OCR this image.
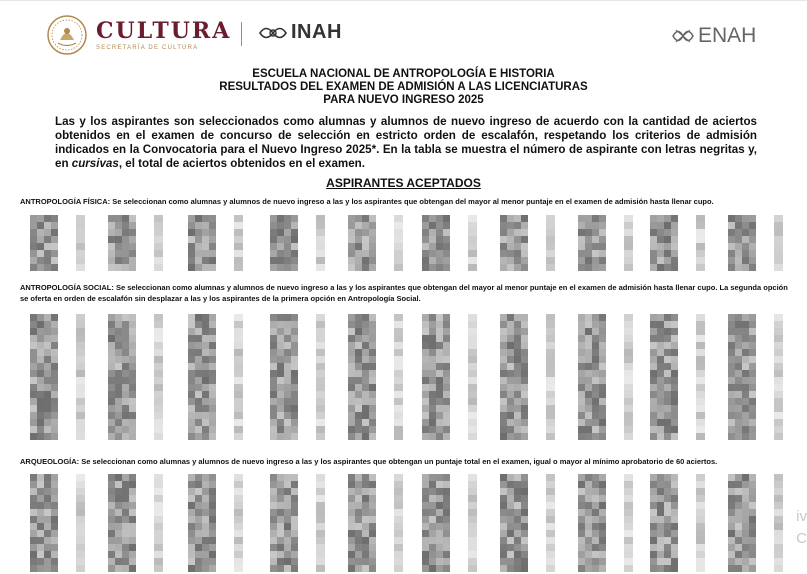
CULTURA
SECRETARÍA DE CULTURA
INAH	ENAH
ESCUELA NACIONAL DE ANTROPOLOGÍA E HISTORIA
RESULTADOS DEL EXAMEN DE ADMISIÓN A LAS LICENCIATURAS
PARA NUEVO INGRESO 2025
Las y los aspirantes son seleccionados como alumnas y alumnos de nuevo ingreso de acuerdo con la cantidad de aciertos obtenidos en el examen de concurso de selección en estricto orden de escalafón, respetando los criterios de admisión indicados en la Convocatoria para el Nuevo Ingreso 2025*. En la tabla se muestra el número de aspirante con letras negritas y, en cursivas, el total de aciertos obtenidos en el examen.
ASPIRANTES ACEPTADOS
ANTROPOLOGÍA FÍSICA: Se seleccionan como alumnas y alumnos de nuevo ingreso a las y los aspirantes que obtengan del mayor al menor puntaje en el examen de admisión hasta llenar cupo.
ANTROPOLOGÍA SOCIAL: Se seleccionan como alumnas y alumnos de nuevo ingreso a las y los aspirantes que obtengan del mayor al menor puntaje en el examen de admisión hasta llenar cupo. La segunda opción se oferta en orden de escalafón sin desplazar a las y los aspirantes de la primera opción en Antropología Social.
ARQUEOLOGÍA: Se seleccionan como alumnas y alumnos de nuevo ingreso a las y los aspirantes que obtengan un puntaje total en el examen, igual o mayor al mínimo aprobatorio de 60 aciertos.
iv
C
